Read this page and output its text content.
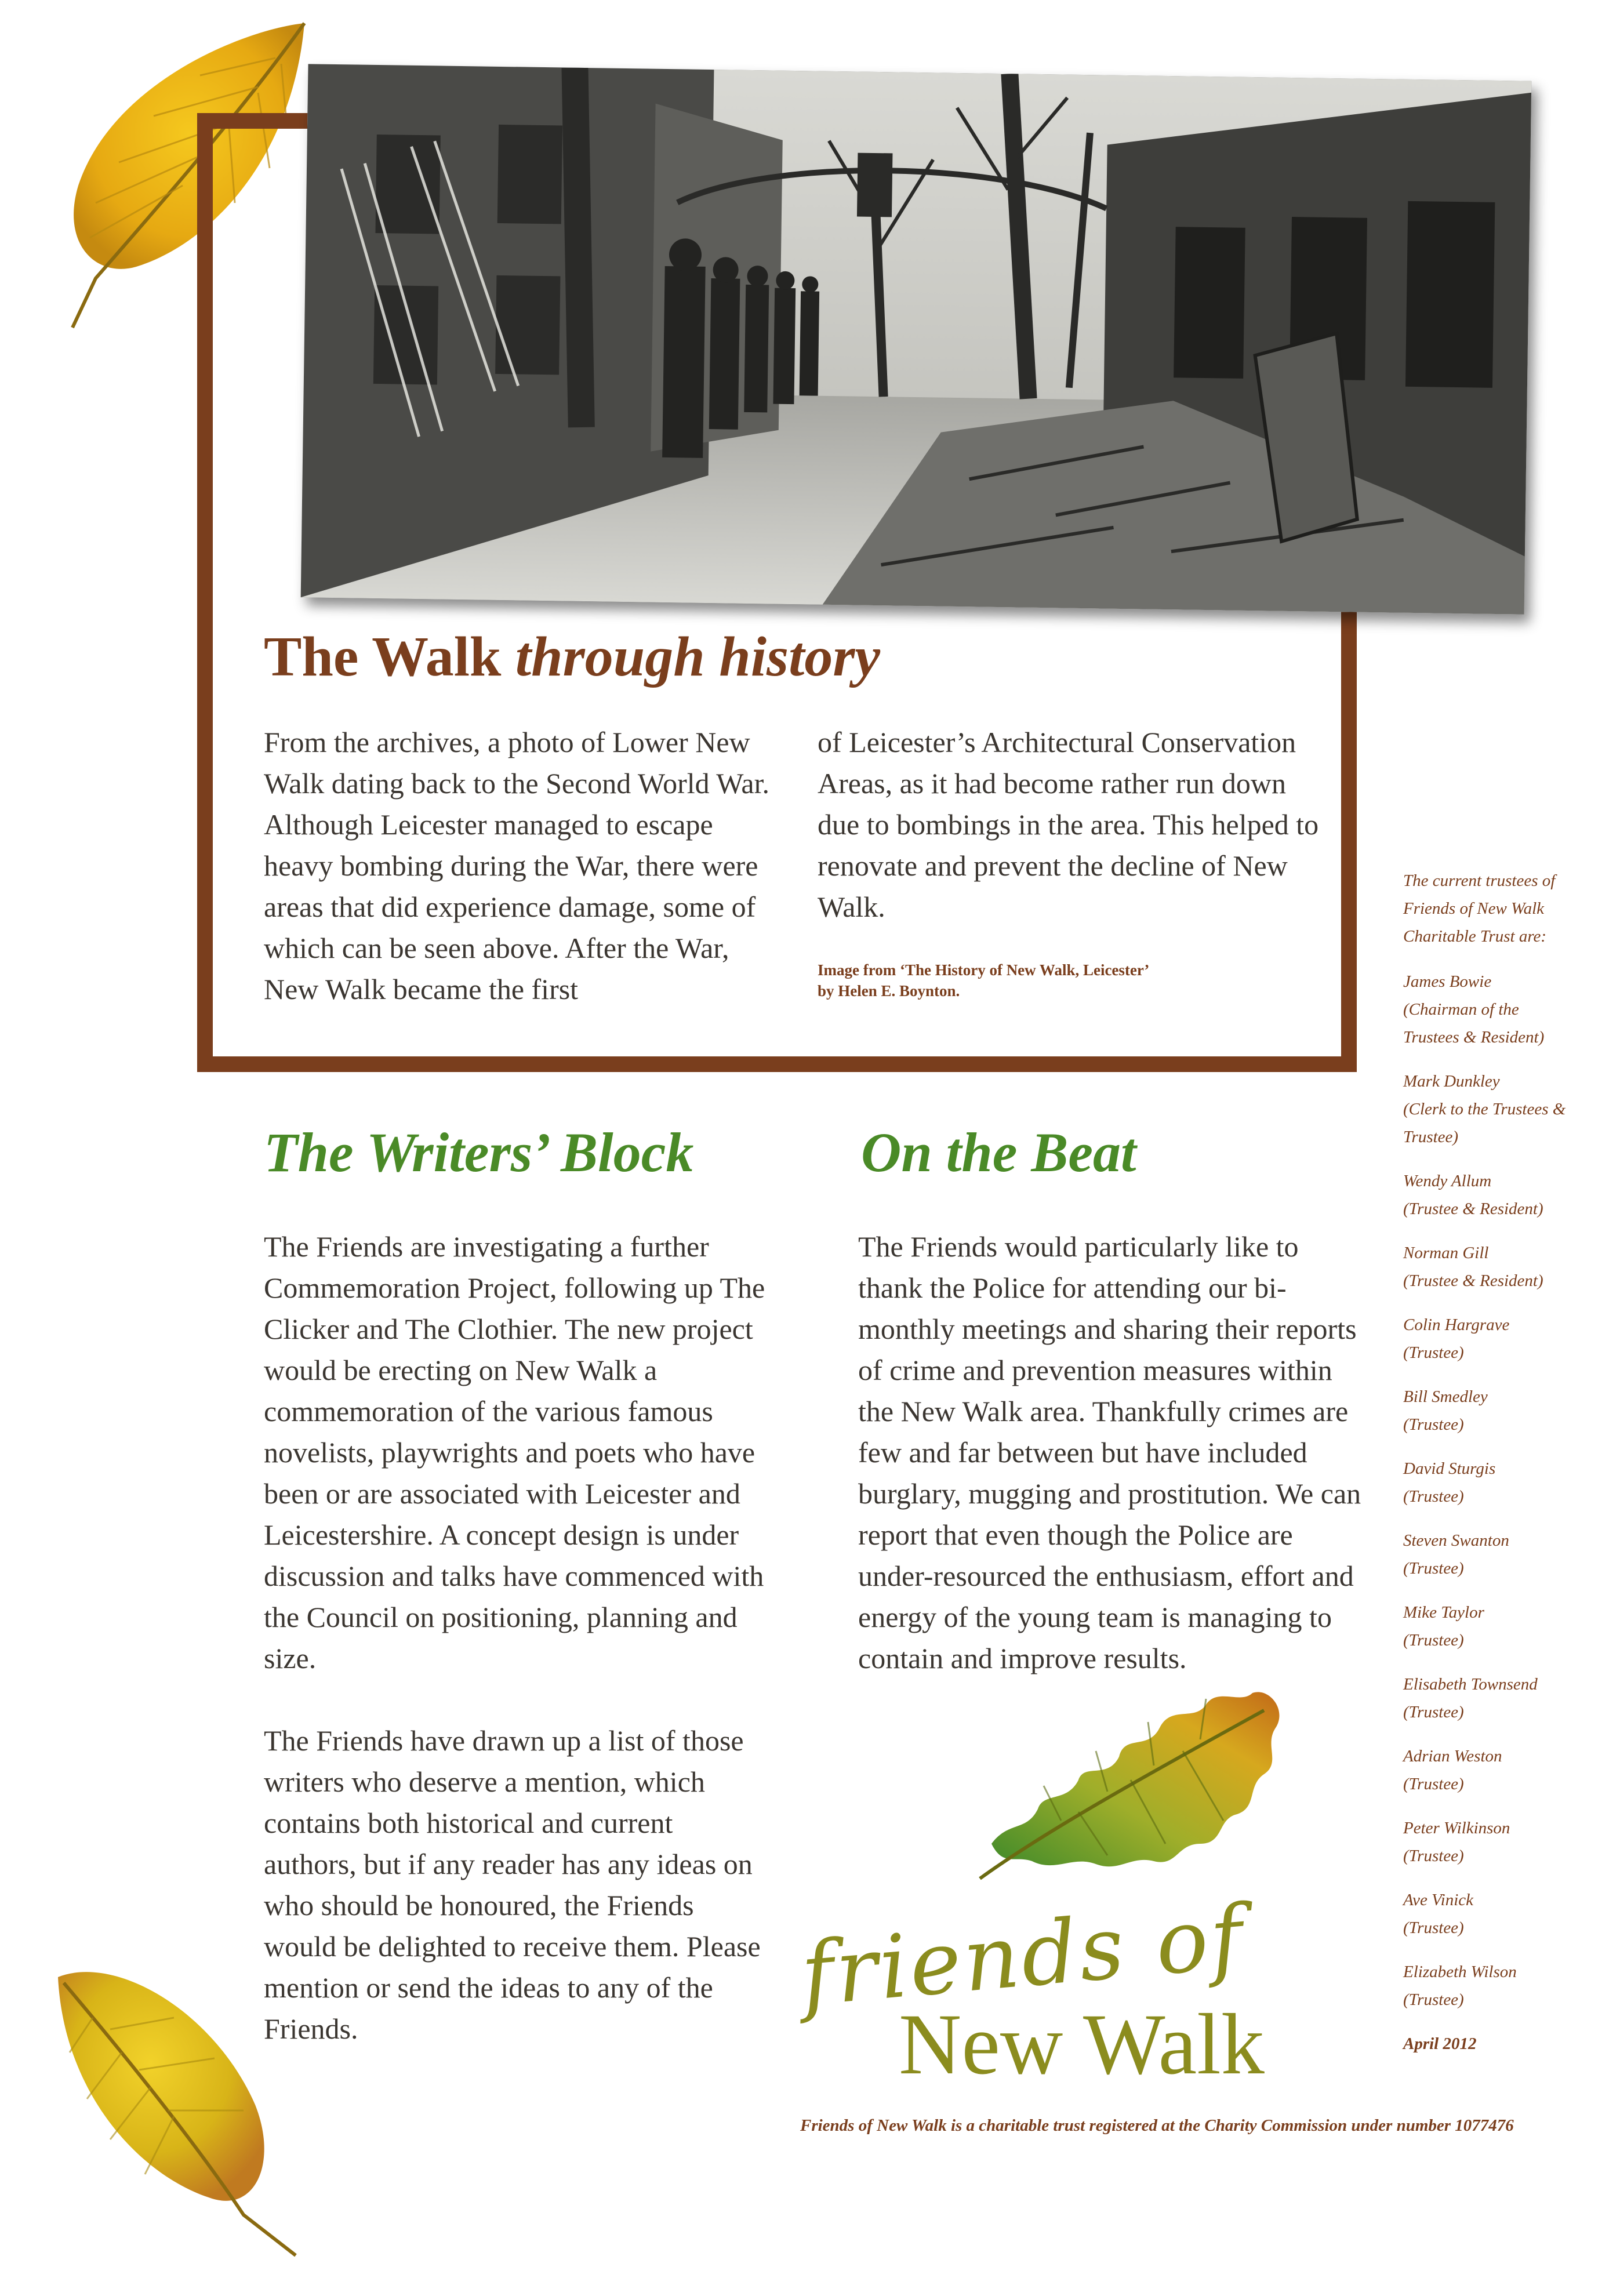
The Walk through history
From the archives, a photo of Lower New Walk dating back to the Second World War. Although Leicester managed to escape heavy bombing during the War, there were areas that did experience damage, some of which can be seen above. After the War, New Walk became the first
of Leicester’s Architectural Conservation Areas, as it had become rather run down due to bombings in the area. This helped to renovate and prevent the decline of New Walk.
Image from ‘The History of New Walk, Leicester’
by Helen E. Boynton.
The Writers’ Block
The Friends are investigating a further Commemoration Project, following up The Clicker and The Clothier. The new project would be erecting on New Walk a commemoration of the various famous novelists, playwrights and poets who have been or are associated with Leicester and Leicestershire. A concept design is under discussion and talks have commenced with the Council on positioning, planning and size.
The Friends have drawn up a list of those writers who deserve a mention, which contains both historical and current authors, but if any reader has any ideas on who should be honoured, the Friends would be delighted to receive them. Please mention or send the ideas to any of the Friends.
On the Beat
The Friends would particularly like to thank the Police for attending our bi-monthly meetings and sharing their reports of crime and prevention measures within the New Walk area. Thankfully crimes are few and far between but have included burglary, mugging and prostitution. We can report that even though the Police are under-resourced the enthusiasm, effort and energy of the young team is managing to contain and improve results.

The current trustees of Friends of New Walk Charitable Trust are:

James Bowie
(Chairman of the Trustees & Resident)

Mark Dunkley
(Clerk to the Trustees & Trustee)

Wendy Allum
(Trustee & Resident)

Norman Gill
(Trustee & Resident)

Colin Hargrave
(Trustee)

Bill Smedley
(Trustee)

David Sturgis
(Trustee)

Steven Swanton
(Trustee)

Mike Taylor
(Trustee)

Elisabeth Townsend
(Trustee)

Adrian Weston
(Trustee)

Peter Wilkinson
(Trustee)

Ave Vinick
(Trustee)

Elizabeth Wilson
(Trustee)

April 2012

friends of
New Walk
Friends of New Walk is a charitable trust registered at the Charity Commission under number 1077476
